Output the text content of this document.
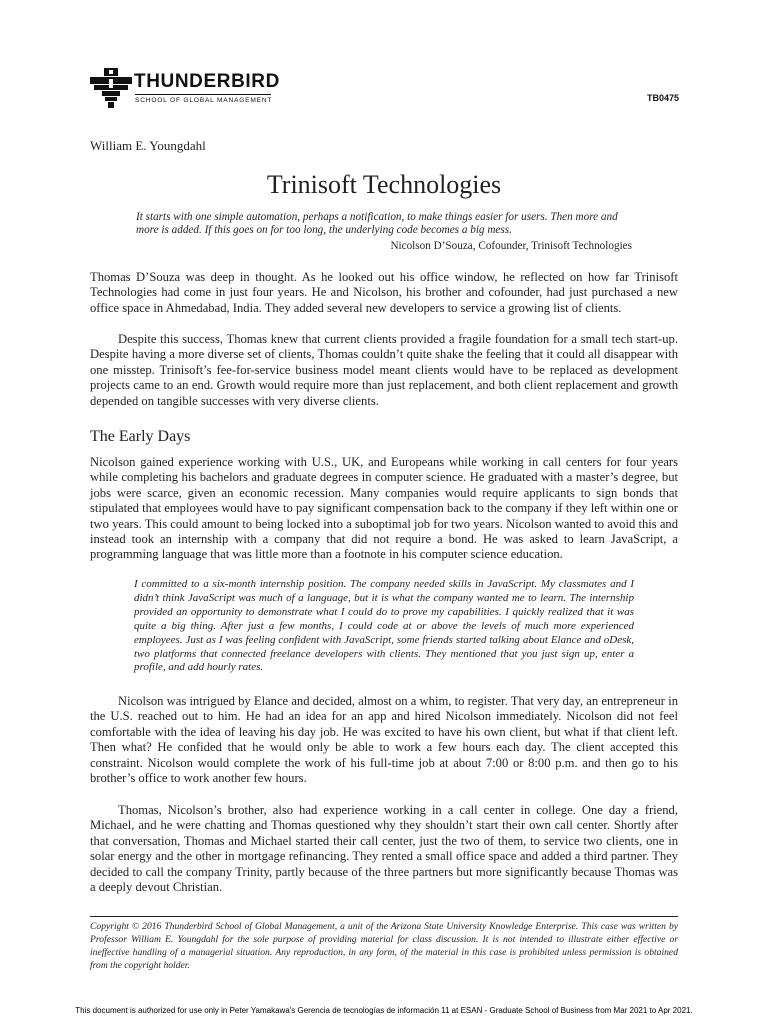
THUNDERBIRD
SCHOOL OF GLOBAL MANAGEMENT	TB0475
William E. Youngdahl
Trinisoft Technologies
It starts with one simple automation, perhaps a notification, to make things easier for users. Then more and more is added. If this goes on for too long, the underlying code becomes a big mess.
Nicolson D’Souza, Cofounder, Trinisoft Technologies

Thomas D’Souza was deep in thought. As he looked out his office window, he reflected on how far Trinisoft Technologies had come in just four years. He and Nicolson, his brother and cofounder, had just purchased a new office space in Ahmedabad, India. They added several new developers to service a growing list of clients.

Despite this success, Thomas knew that current clients provided a fragile foundation for a small tech start-up. Despite having a more diverse set of clients, Thomas couldn’t quite shake the feeling that it could all disappear with one misstep. Trinisoft’s fee-for-service business model meant clients would have to be replaced as development projects came to an end. Growth would require more than just replacement, and both client replacement and growth depended on tangible successes with very diverse clients.

The Early Days

Nicolson gained experience working with U.S., UK, and Europeans while working in call centers for four years while completing his bachelors and graduate degrees in computer science. He graduated with a master’s degree, but jobs were scarce, given an economic recession. Many companies would require applicants to sign bonds that stipulated that employees would have to pay significant compensation back to the company if they left within one or two years. This could amount to being locked into a suboptimal job for two years. Nicolson wanted to avoid this and instead took an internship with a company that did not require a bond. He was asked to learn JavaScript, a programming language that was little more than a footnote in his computer science education.

I committed to a six-month internship position. The company needed skills in JavaScript. My classmates and I didn’t think JavaScript was much of a language, but it is what the company wanted me to learn. The internship provided an opportunity to demonstrate what I could do to prove my capabilities. I quickly realized that it was quite a big thing. After just a few months, I could code at or above the levels of much more experienced employees. Just as I was feeling confident with JavaScript, some friends started talking about Elance and oDesk, two platforms that connected freelance developers with clients. They mentioned that you just sign up, enter a profile, and add hourly rates.

Nicolson was intrigued by Elance and decided, almost on a whim, to register. That very day, an entrepreneur in the U.S. reached out to him. He had an idea for an app and hired Nicolson immediately. Nicolson did not feel comfortable with the idea of leaving his day job. He was excited to have his own client, but what if that client left. Then what? He confided that he would only be able to work a few hours each day. The client accepted this constraint. Nicolson would complete the work of his full-time job at about 7:00 or 8:00 p.m. and then go to his brother’s office to work another few hours.

Thomas, Nicolson’s brother, also had experience working in a call center in college. One day a friend, Michael, and he were chatting and Thomas questioned why they shouldn’t start their own call center. Shortly after that conversation, Thomas and Michael started their call center, just the two of them, to service two clients, one in solar energy and the other in mortgage refinancing. They rented a small office space and added a third partner. They decided to call the company Trinity, partly because of the three partners but more significantly because Thomas was a deeply devout Christian.

Copyright © 2016 Thunderbird School of Global Management, a unit of the Arizona State University Knowledge Enterprise. This case was written by Professor William E. Youngdahl for the sole purpose of providing material for class discussion. It is not intended to illustrate either effective or ineffective handling of a managerial situation. Any reproduction, in any form, of the material in this case is prohibited unless permission is obtained from the copyright holder.

This document is authorized for use only in Peter Yamakawa's Gerencia de tecnologías de información 11 at ESAN - Graduate School of Business from Mar 2021 to Apr 2021.
